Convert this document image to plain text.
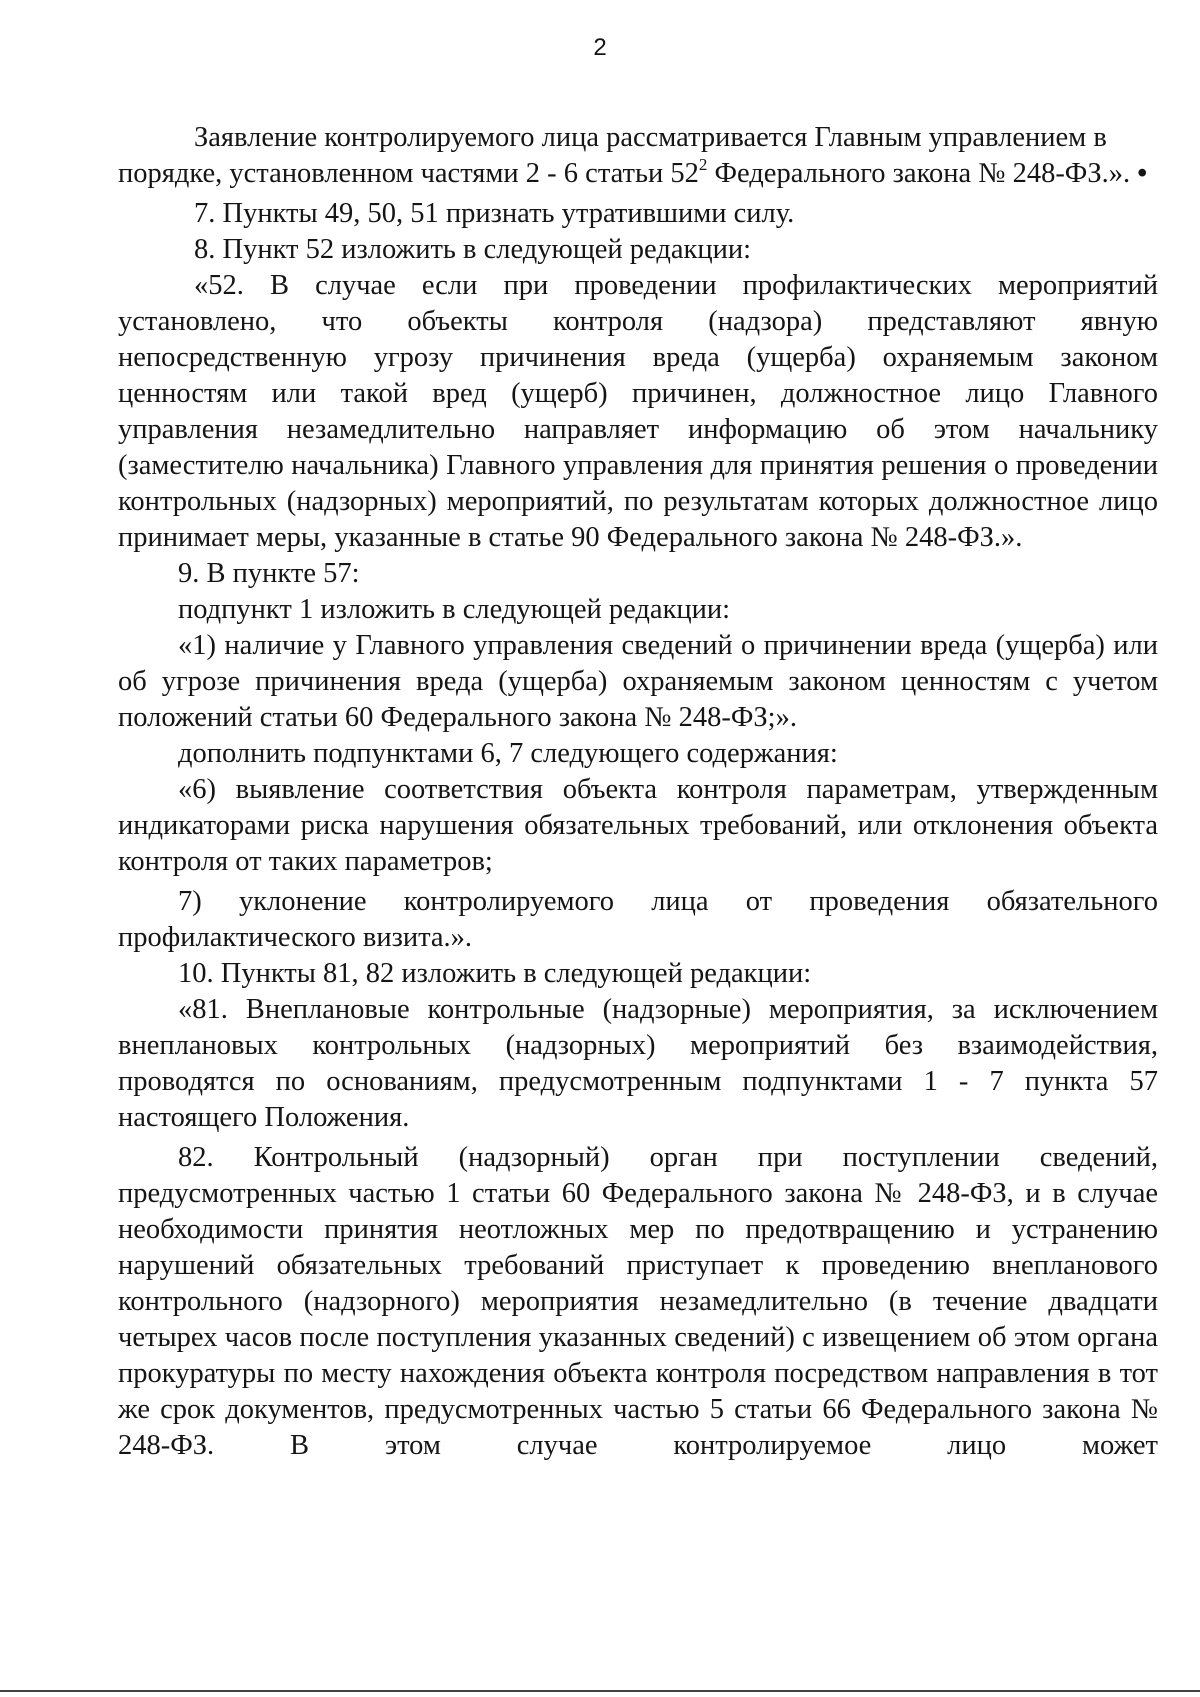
2

Заявление контролируемого лица рассматривается Главным управлением в порядке, установленном частями 2 - 6 статьи $52^2$ Федерального закона № 248-ФЗ.». •

7. Пункты 49, 50, 51 признать утратившими силу.

8. Пункт 52 изложить в следующей редакции:

«52. В случае если при проведении профилактических мероприятий установлено, что объекты контроля (надзора) представляют явную непосредственную угрозу причинения вреда (ущерба) охраняемым законом ценностям или такой вред (ущерб) причинен, должностное лицо Главного управления незамедлительно направляет информацию об этом начальнику (заместителю начальника) Главного управления для принятия решения о проведении контрольных (надзорных) мероприятий, по результатам которых должностное лицо принимает меры, указанные в статье 90 Федерального закона № 248-ФЗ.».

9. В пункте 57:

подпункт 1 изложить в следующей редакции:

«1) наличие у Главного управления сведений о причинении вреда (ущерба) или об угрозе причинения вреда (ущерба) охраняемым законом ценностям с учетом положений статьи 60 Федерального закона № 248-ФЗ;».

дополнить подпунктами 6, 7 следующего содержания:

«6) выявление соответствия объекта контроля параметрам, утвержденным индикаторами риска нарушения обязательных требований, или отклонения объекта контроля от таких параметров;

7) уклонение контролируемого лица от проведения обязательного профилактического визита.».

10. Пункты 81, 82 изложить в следующей редакции:

«81. Внеплановые контрольные (надзорные) мероприятия, за исключением внеплановых контрольных (надзорных) мероприятий без взаимодействия, проводятся по основаниям, предусмотренным подпунктами 1 - 7 пункта 57 настоящего Положения.

82. Контрольный (надзорный) орган при поступлении сведений, предусмотренных частью 1 статьи 60 Федерального закона № 248-ФЗ, и в случае необходимости принятия неотложных мер по предотвращению и устранению нарушений обязательных требований приступает к проведению внепланового контрольного (надзорного) мероприятия незамедлительно (в течение двадцати четырех часов после поступления указанных сведений) с извещением об этом органа прокуратуры по месту нахождения объекта контроля посредством направления в тот же срок документов, предусмотренных частью 5 статьи 66 Федерального закона № 248-ФЗ. В этом случае контролируемое лицо может
